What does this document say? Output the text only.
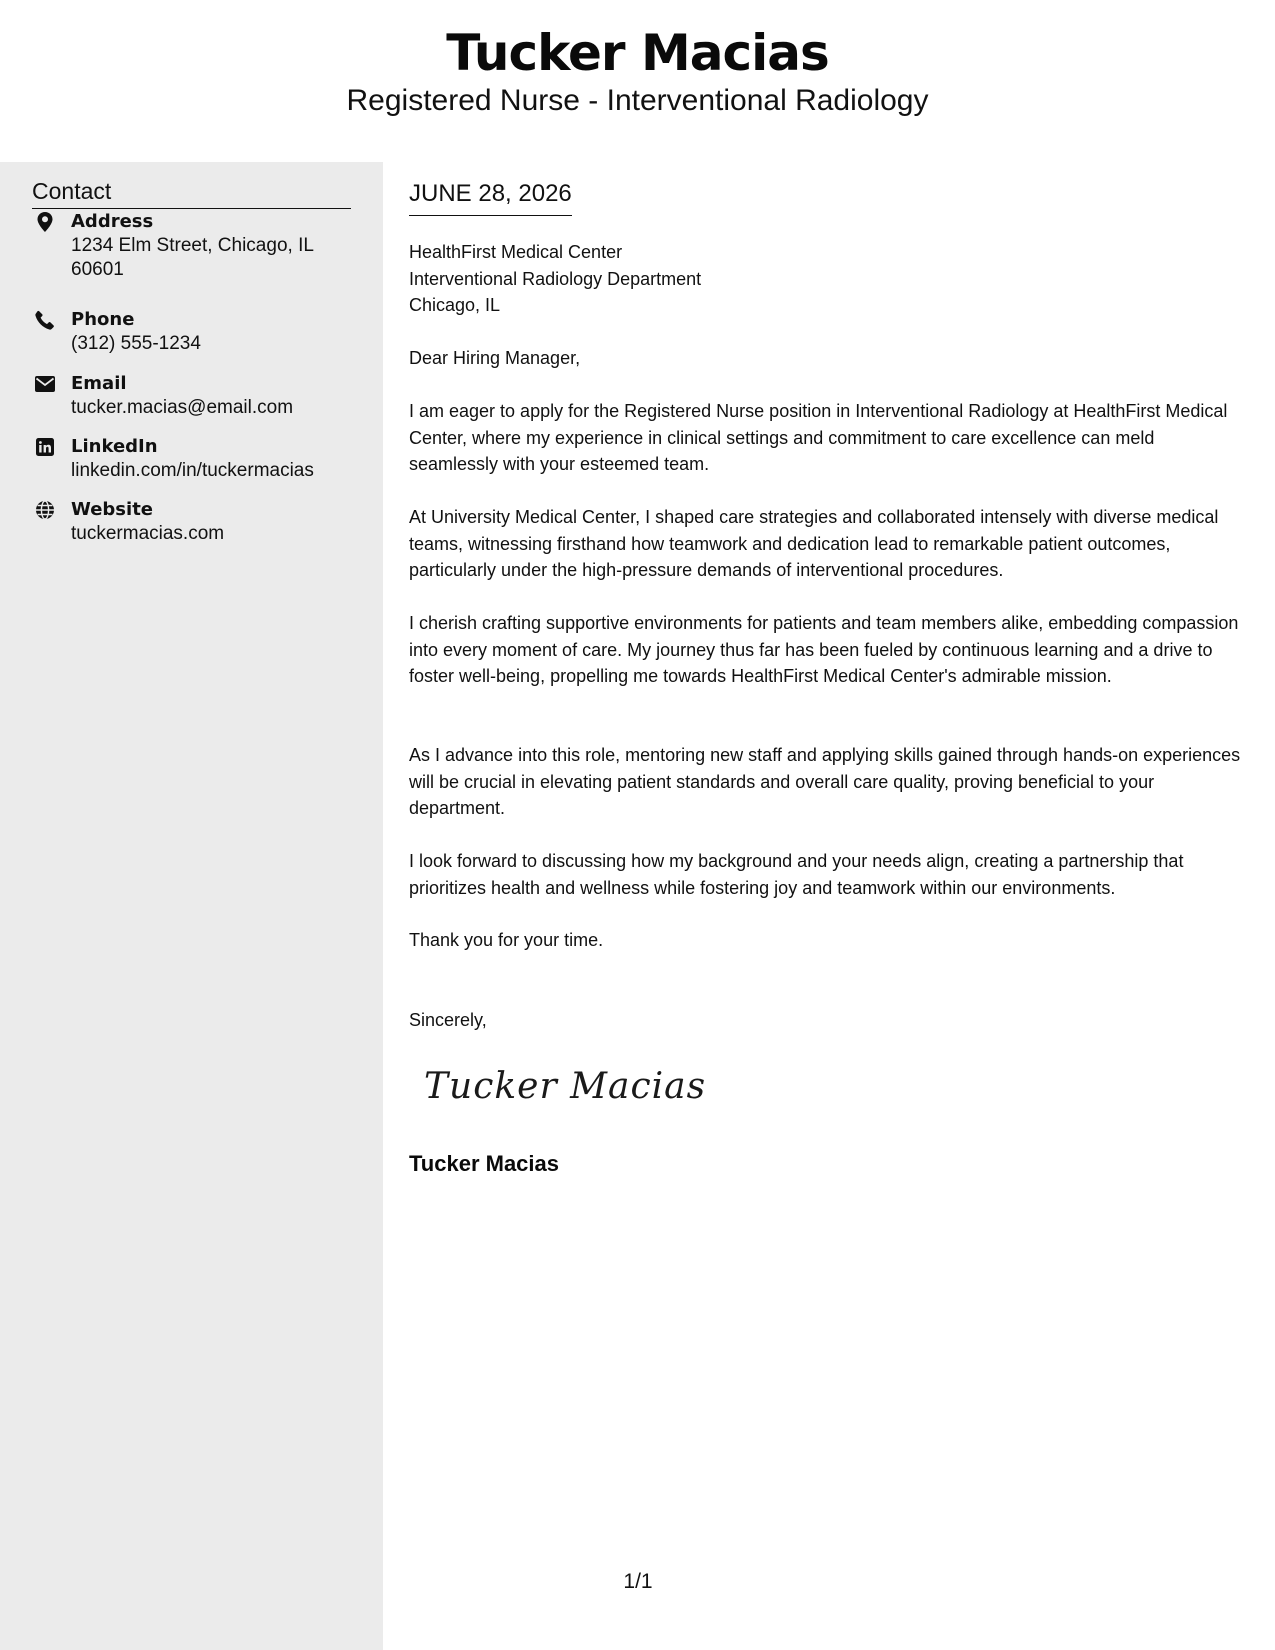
Tucker Macias
Registered Nurse - Interventional Radiology
Contact
Address
1234 Elm Street, Chicago, IL 60601
Phone
(312) 555-1234
Email
tucker.macias@email.com
LinkedIn
linkedin.com/in/tuckermacias
Website
tuckermacias.com
JUNE 28, 2026
HealthFirst Medical Center
Interventional Radiology Department
Chicago, IL
Dear Hiring Manager,
I am eager to apply for the Registered Nurse position in Interventional Radiology at HealthFirst Medical Center, where my experience in clinical settings and commitment to care excellence can meld seamlessly with your esteemed team.
At University Medical Center, I shaped care strategies and collaborated intensely with diverse medical teams, witnessing firsthand how teamwork and dedication lead to remarkable patient outcomes, particularly under the high-pressure demands of interventional procedures.
I cherish crafting supportive environments for patients and team members alike, embedding compassion into every moment of care. My journey thus far has been fueled by continuous learning and a drive to foster well-being, propelling me towards HealthFirst Medical Center's admirable mission.
As I advance into this role, mentoring new staff and applying skills gained through hands-on experiences will be crucial in elevating patient standards and overall care quality, proving beneficial to your department.
I look forward to discussing how my background and your needs align, creating a partnership that prioritizes health and wellness while fostering joy and teamwork within our environments.
Thank you for your time.
Sincerely,
Tucker Macias
Tucker Macias
1/1
